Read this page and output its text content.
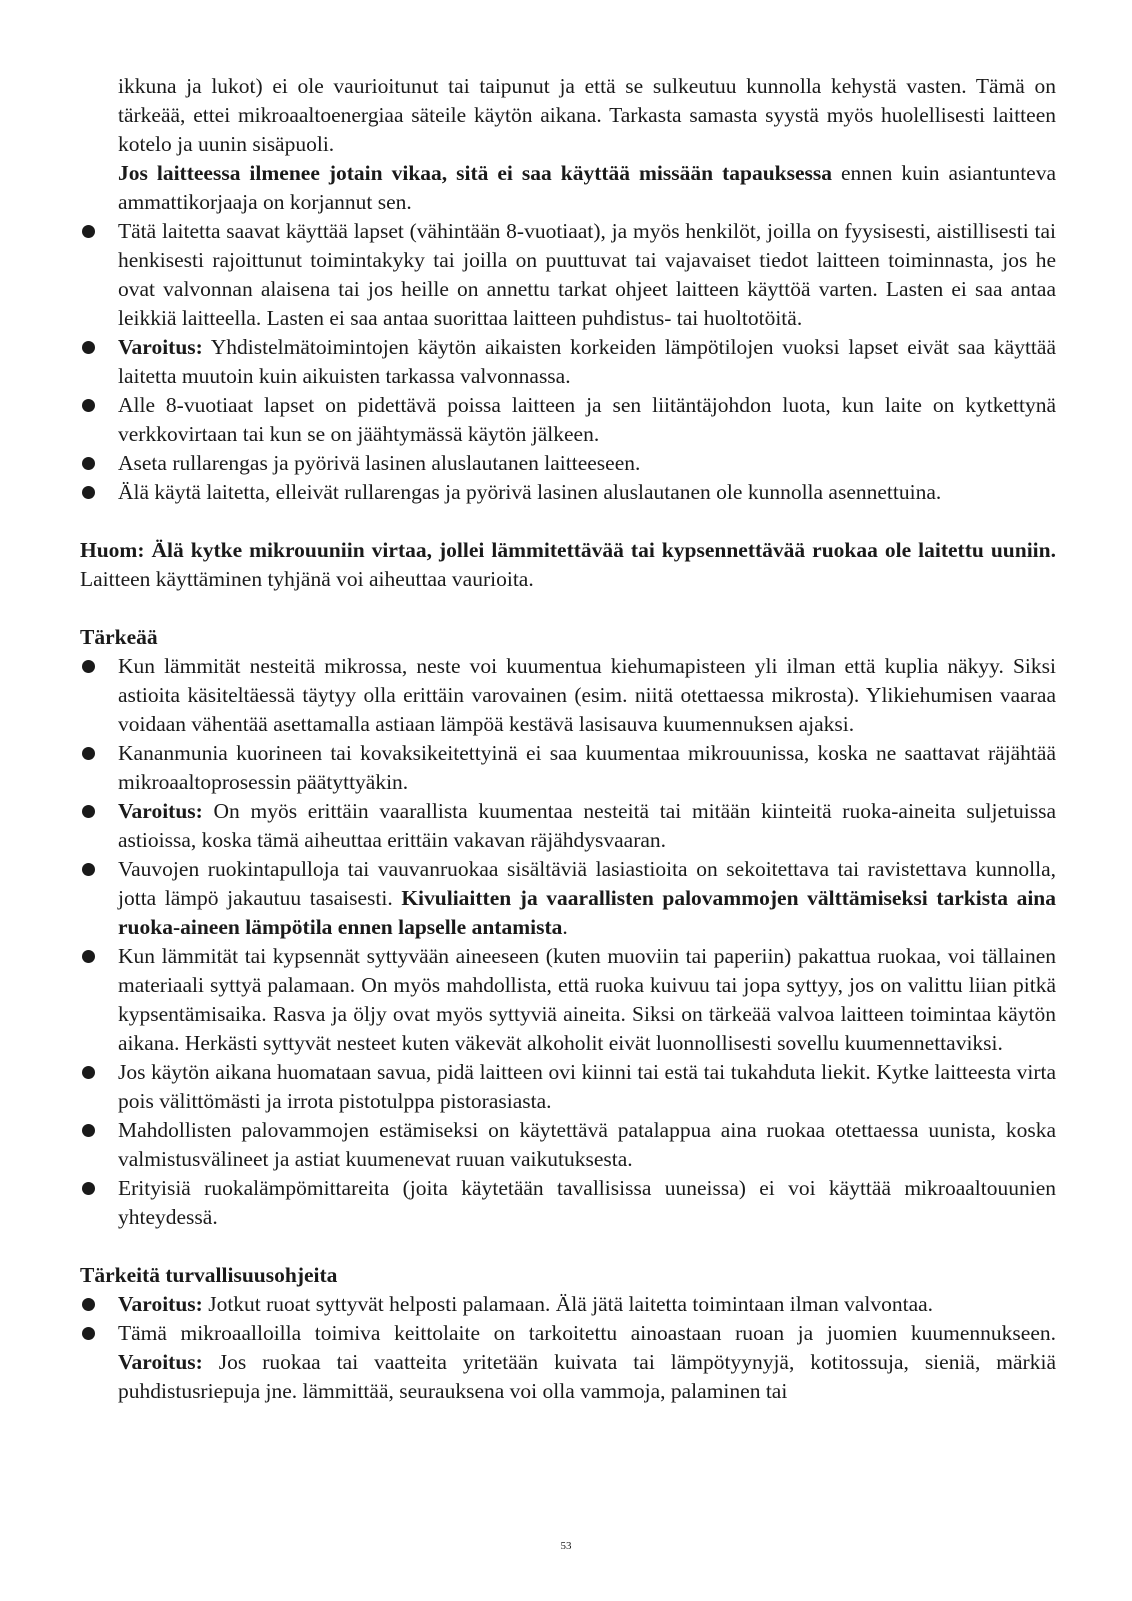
ikkuna ja lukot) ei ole vaurioitunut tai taipunut ja että se sulkeutuu kunnolla kehystä vasten. Tämä on tärkeää, ettei mikroaaltoenergiaa säteile käytön aikana. Tarkasta samasta syystä myös huolellisesti laitteen kotelo ja uunin sisäpuoli.

Jos laitteessa ilmenee jotain vikaa, sitä ei saa käyttää missään tapauksessa ennen kuin asiantunteva ammattikorjaaja on korjannut sen.

Tätä laitetta saavat käyttää lapset (vähintään 8-vuotiaat), ja myös henkilöt, joilla on fyysisesti, aistillisesti tai henkisesti rajoittunut toimintakyky tai joilla on puuttuvat tai vajavaiset tiedot laitteen toiminnasta, jos he ovat valvonnan alaisena tai jos heille on annettu tarkat ohjeet laitteen käyttöä varten. Lasten ei saa antaa leikkiä laitteella. Lasten ei saa antaa suorittaa laitteen puhdistus- tai huoltotöitä.
Varoitus: Yhdistelmätoimintojen käytön aikaisten korkeiden lämpötilojen vuoksi lapset eivät saa käyttää laitetta muutoin kuin aikuisten tarkassa valvonnassa.
Alle 8-vuotiaat lapset on pidettävä poissa laitteen ja sen liitäntäjohdon luota, kun laite on kytkettynä verkkovirtaan tai kun se on jäähtymässä käytön jälkeen.
Aseta rullarengas ja pyörivä lasinen aluslautanen laitteeseen.
Älä käytä laitetta, elleivät rullarengas ja pyörivä lasinen aluslautanen ole kunnolla asennettuina.

Huom: Älä kytke mikrouuniin virtaa, jollei lämmitettävää tai kypsennettävää ruokaa ole laitettu uuniin. Laitteen käyttäminen tyhjänä voi aiheuttaa vaurioita.

Tärkeää

Kun lämmität nesteitä mikrossa, neste voi kuumentua kiehumapisteen yli ilman että kuplia näkyy. Siksi astioita käsiteltäessä täytyy olla erittäin varovainen (esim. niitä otettaessa mikrosta). Ylikiehumisen vaaraa voidaan vähentää asettamalla astiaan lämpöä kestävä lasisauva kuumennuksen ajaksi.
Kananmunia kuorineen tai kovaksikeitettyinä ei saa kuumentaa mikrouunissa, koska ne saattavat räjähtää mikroaaltoprosessin päätyttyäkin.
Varoitus: On myös erittäin vaarallista kuumentaa nesteitä tai mitään kiinteitä ruoka-aineita suljetuissa astioissa, koska tämä aiheuttaa erittäin vakavan räjähdysvaaran.
Vauvojen ruokintapulloja tai vauvanruokaa sisältäviä lasiastioita on sekoitettava tai ravistettava kunnolla, jotta lämpö jakautuu tasaisesti. Kivuliaitten ja vaarallisten palovammojen välttämiseksi tarkista aina ruoka-aineen lämpötila ennen lapselle antamista.
Kun lämmität tai kypsennät syttyvään aineeseen (kuten muoviin tai paperiin) pakattua ruokaa, voi tällainen materiaali syttyä palamaan. On myös mahdollista, että ruoka kuivuu tai jopa syttyy, jos on valittu liian pitkä kypsentämisaika. Rasva ja öljy ovat myös syttyviä aineita. Siksi on tärkeää valvoa laitteen toimintaa käytön aikana. Herkästi syttyvät nesteet kuten väkevät alkoholit eivät luonnollisesti sovellu kuumennettaviksi.
Jos käytön aikana huomataan savua, pidä laitteen ovi kiinni tai estä tai tukahduta liekit. Kytke laitteesta virta pois välittömästi ja irrota pistotulppa pistorasiasta.
Mahdollisten palovammojen estämiseksi on käytettävä patalappua aina ruokaa otettaessa uunista, koska valmistusvälineet ja astiat kuumenevat ruuan vaikutuksesta.
Erityisiä ruokalämpömittareita (joita käytetään tavallisissa uuneissa) ei voi käyttää mikroaaltouunien yhteydessä.

Tärkeitä turvallisuusohjeita

Varoitus: Jotkut ruoat syttyvät helposti palamaan. Älä jätä laitetta toimintaan ilman valvontaa.
Tämä mikroaalloilla toimiva keittolaite on tarkoitettu ainoastaan ruoan ja juomien kuumennukseen. Varoitus: Jos ruokaa tai vaatteita yritetään kuivata tai lämpötyynyjä, kotitossuja, sieniä, märkiä puhdistusriepuja jne. lämmittää, seurauksena voi olla vammoja, palaminen tai
53
